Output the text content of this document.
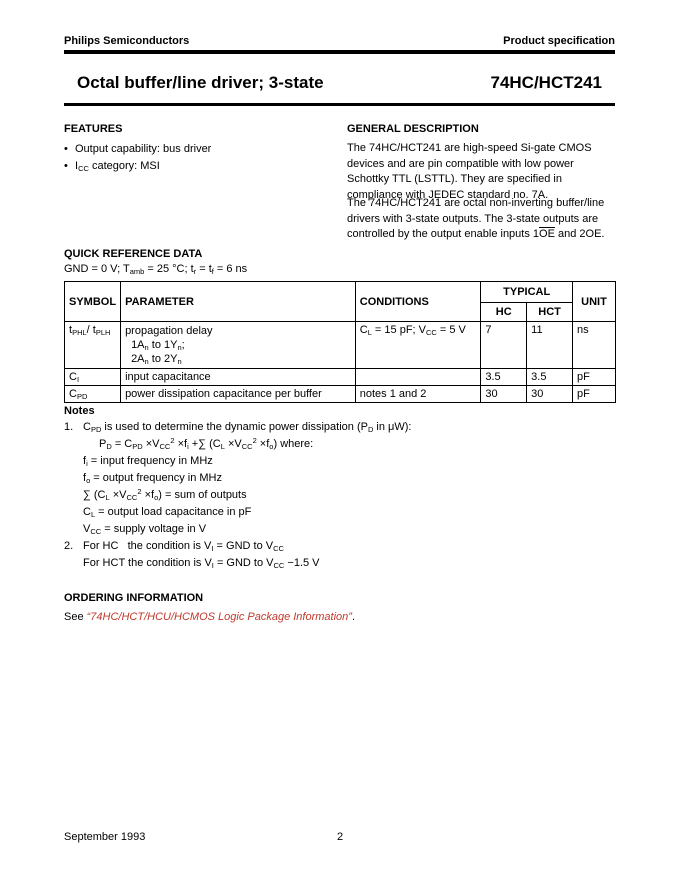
Philips Semiconductors	Product specification
Octal buffer/line driver; 3-state	74HC/HCT241
FEATURES
• Output capability: bus driver
• $I_{CC}$ category: MSI
GENERAL DESCRIPTION
The 74HC/HCT241 are high-speed Si-gate CMOS devices and are pin compatible with low power Schottky TTL (LSTTL). They are specified in compliance with JEDEC standard no. 7A.
The 74HC/HCT241 are octal non-inverting buffer/line drivers with 3-state outputs. The 3-state outputs are controlled by the output enable inputs $1\overline{OE}$ and 2OE.
QUICK REFERENCE DATA
GND = 0 V; $T_{amb} = 25$ °C; $t_r = t_f = 6$ ns
SYMBOL	PARAMETER	CONDITIONS	TYPICAL		UNIT
			HC	HCT	
$t_{PHL}/$ $t_{PLH}$	propagation delay
$1A_n$ to $1Y_n$;
$2A_n$ to $2Y_n$	$C_L = 15$ pF; $V_{CC} = 5$ V	7	11	ns
$C_I$	input capacitance		3.5	3.5	pF
$C_{PD}$	power dissipation capacitance per buffer	notes 1 and 2	30	30	pF
Notes
1. $C_{PD}$ is used to determine the dynamic power dissipation ($P_D$ in μW):
$P_D = C_{PD} \times V_{CC}^2 \times f_i$ +∑ $(C_L \times V_{CC}^2 \times f_o)$ where:
$f_i$ = input frequency in MHz
$f_o$ = output frequency in MHz
∑ $(C_L \times V_{CC}^2 \times f_o)$ = sum of outputs
$C_L$ = output load capacitance in pF
$V_{CC}$ = supply voltage in V
2. For HC   the condition is $V_I$ = GND to $V_{CC}$
For HCT the condition is $V_I$ = GND to $V_{CC} -1.5$ V
ORDERING INFORMATION
See “74HC/HCT/HCU/HCMOS Logic Package Information”.
September 1993	2
